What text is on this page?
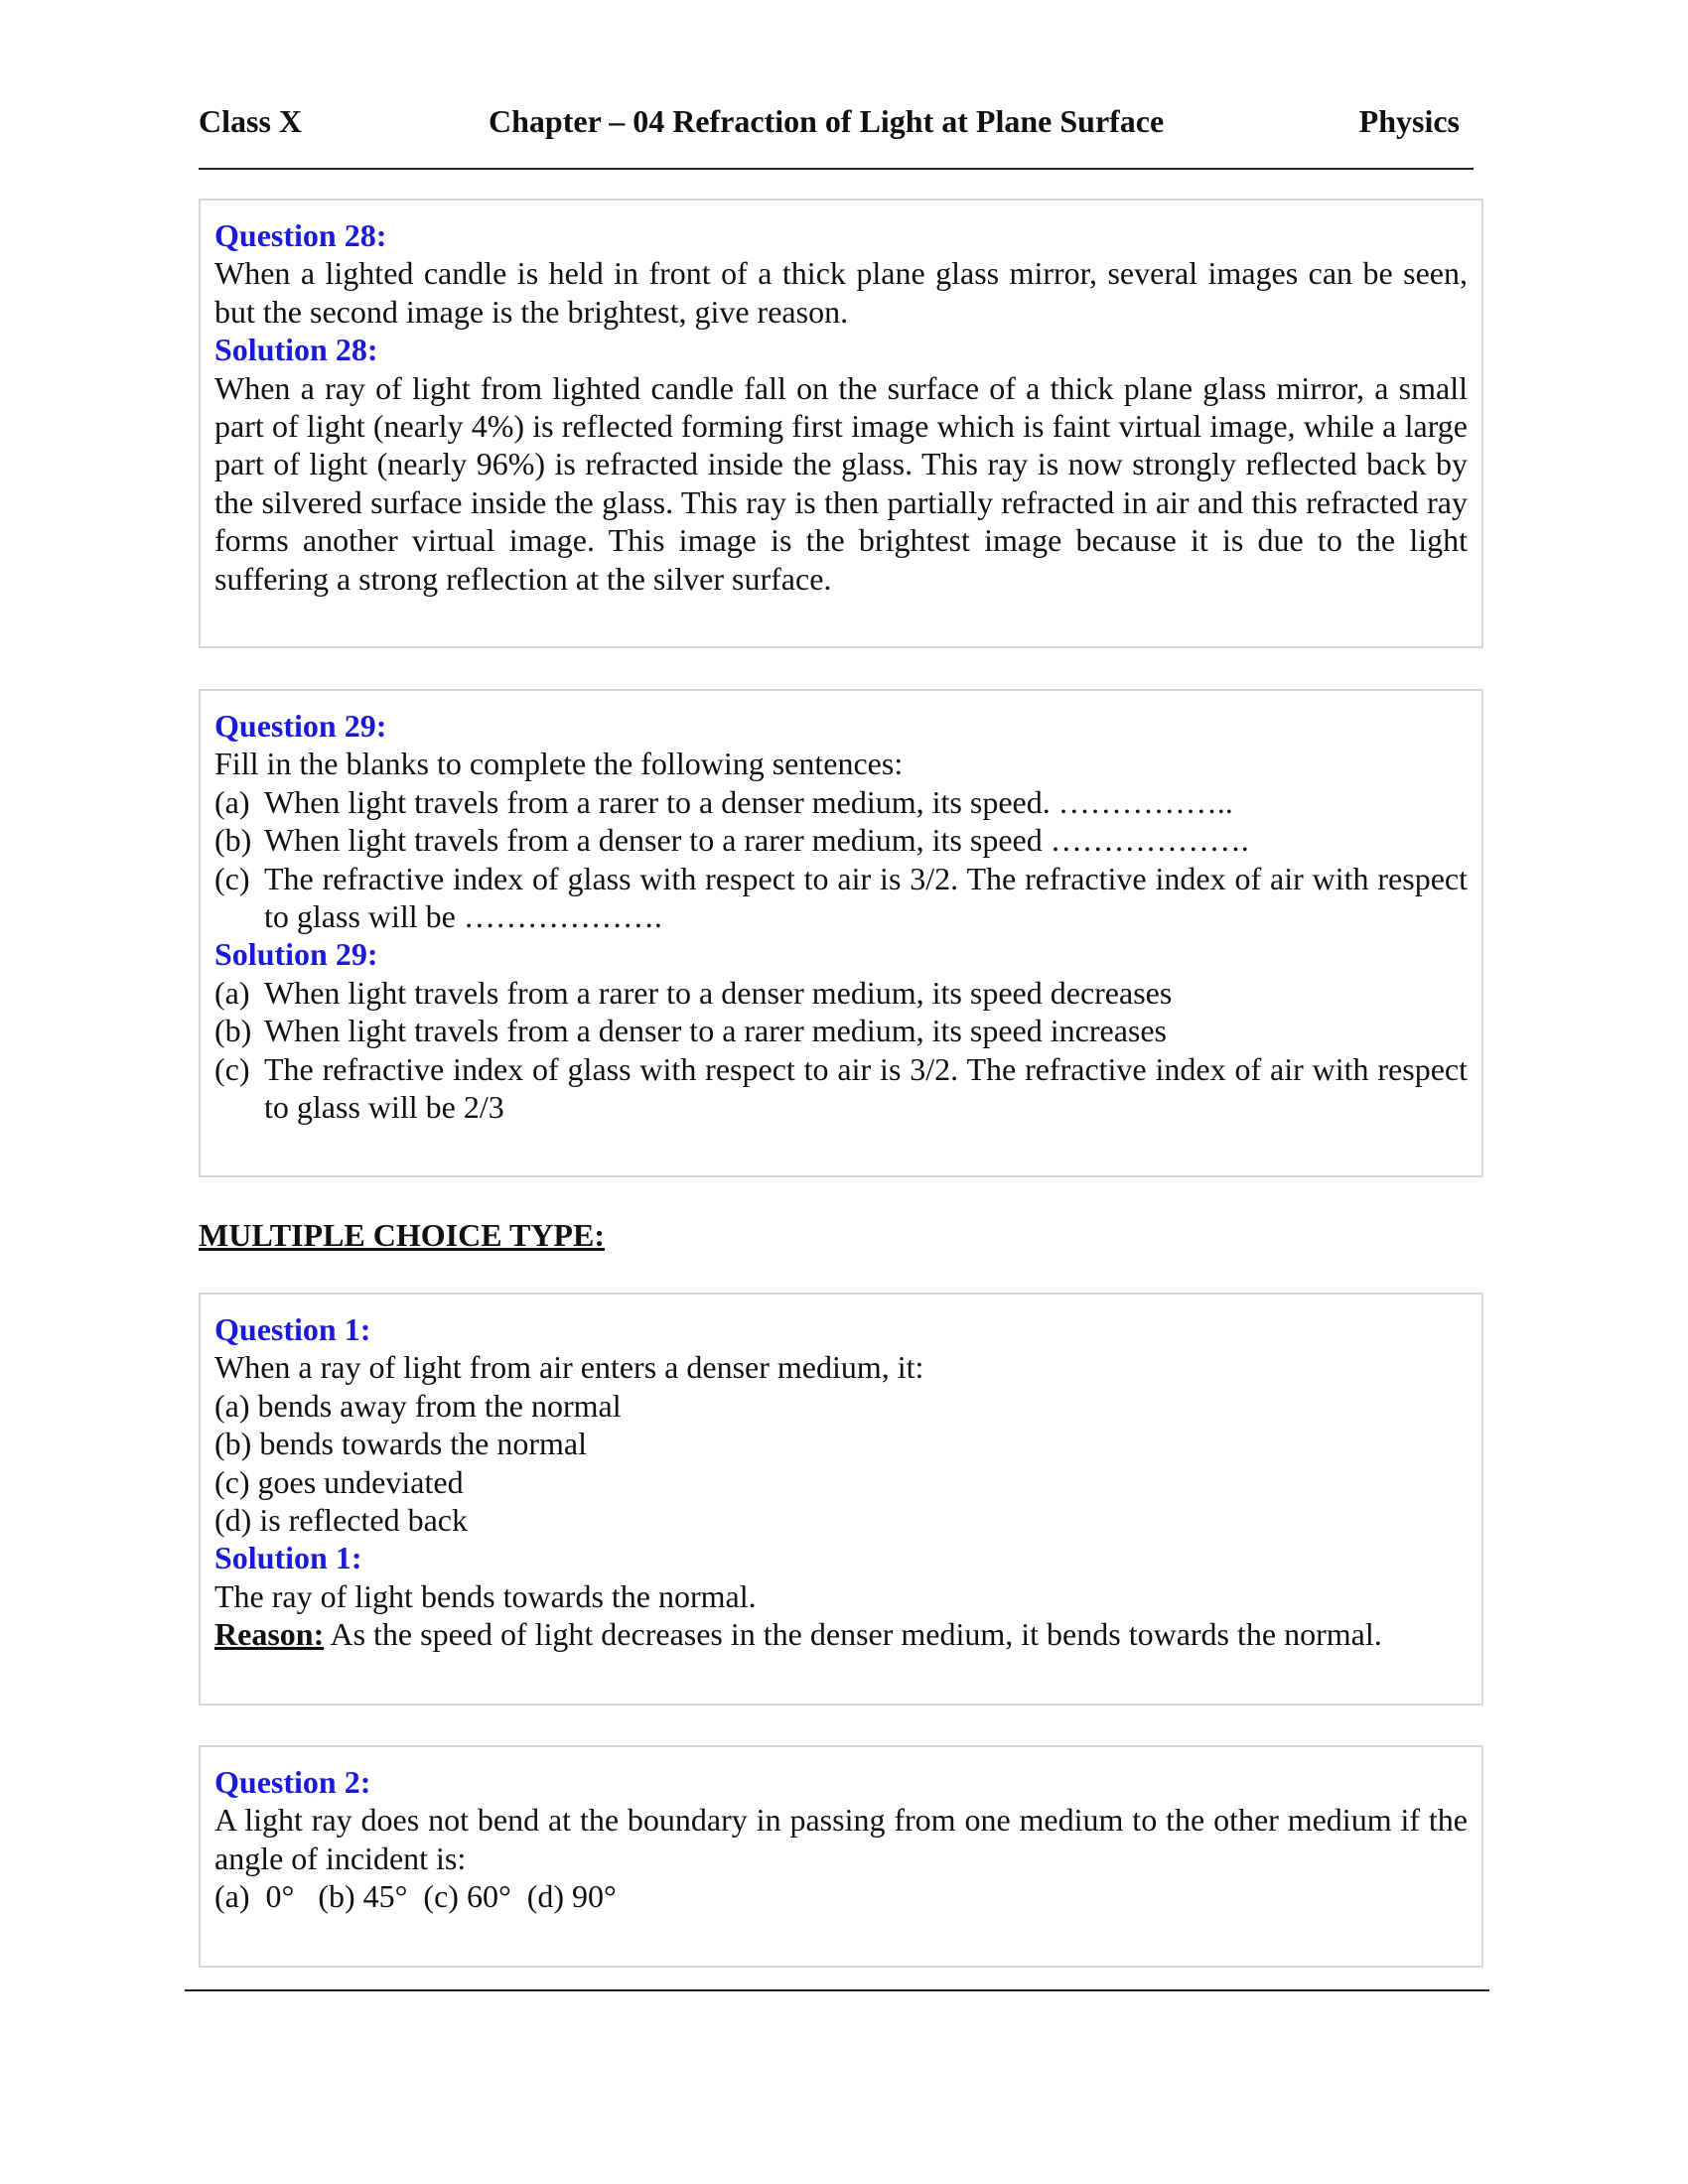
Class X	Chapter – 04 Refraction of Light at Plane Surface	Physics
Question 28:
When a lighted candle is held in front of a thick plane glass mirror, several images can be seen, but the second image is the brightest, give reason.
Solution 28:
When a ray of light from lighted candle fall on the surface of a thick plane glass mirror, a small part of light (nearly 4%) is reflected forming first image which is faint virtual image, while a large part of light (nearly 96%) is refracted inside the glass. This ray is now strongly reflected back by the silvered surface inside the glass. This ray is then partially refracted in air and this refracted ray forms another virtual image. This image is the brightest image because it is due to the light suffering a strong reflection at the silver surface.
Question 29:
Fill in the blanks to complete the following sentences:
(a) When light travels from a rarer to a denser medium, its speed. ……………..
(b) When light travels from a denser to a rarer medium, its speed ……………….
(c) The refractive index of glass with respect to air is 3/2. The refractive index of air with respect to glass will be ……………….
Solution 29:
(a) When light travels from a rarer to a denser medium, its speed decreases
(b) When light travels from a denser to a rarer medium, its speed increases
(c) The refractive index of glass with respect to air is 3/2. The refractive index of air with respect to glass will be 2/3
MULTIPLE CHOICE TYPE:
Question 1:
When a ray of light from air enters a denser medium, it:
(a) bends away from the normal
(b) bends towards the normal
(c) goes undeviated
(d) is reflected back
Solution 1:
The ray of light bends towards the normal.
Reason: As the speed of light decreases in the denser medium, it bends towards the normal.
Question 2:
A light ray does not bend at the boundary in passing from one medium to the other medium if the angle of incident is:
(a)  0°   (b) 45°  (c) 60°  (d) 90°
